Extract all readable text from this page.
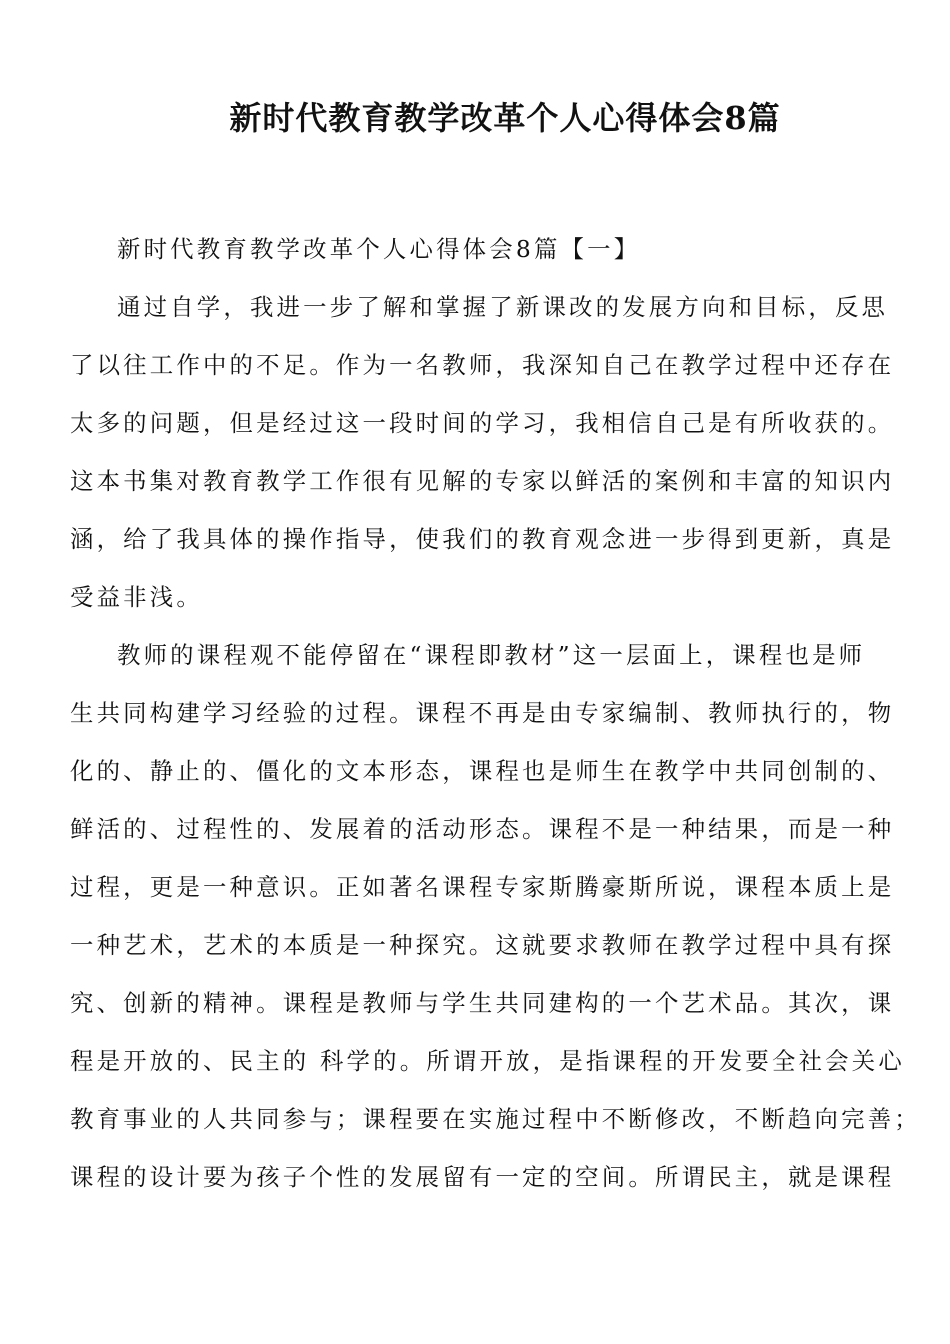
新时代教育教学改革个人心得体会8篇

新时代教育教学改革个人心得体会8篇【一】

通过自学，我进一步了解和掌握了新课改的发展方向和目标，反思
了以往工作中的不足。作为一名教师，我深知自己在教学过程中还存在
太多的问题，但是经过这一段时间的学习，我相信自己是有所收获的。
这本书集对教育教学工作很有见解的专家以鲜活的案例和丰富的知识内
涵，给了我具体的操作指导，使我们的教育观念进一步得到更新，真是
受益非浅。
教师的课程观不能停留在“课程即教材”这一层面上，课程也是师
生共同构建学习经验的过程。课程不再是由专家编制、教师执行的，物
化的、静止的、僵化的文本形态，课程也是师生在教学中共同创制的、
鲜活的、过程性的、发展着的活动形态。课程不是一种结果，而是一种
过程，更是一种意识。正如著名课程专家斯腾豪斯所说，课程本质上是
一种艺术，艺术的本质是一种探究。这就要求教师在教学过程中具有探
究、创新的精神。课程是教师与学生共同建构的一个艺术品。其次，课
程是开放的、民主的 科学的。所谓开放，是指课程的开发要全社会关心
教育事业的人共同参与；课程要在实施过程中不断修改，不断趋向完善；
课程的设计要为孩子个性的发展留有一定的空间。所谓民主，就是课程
